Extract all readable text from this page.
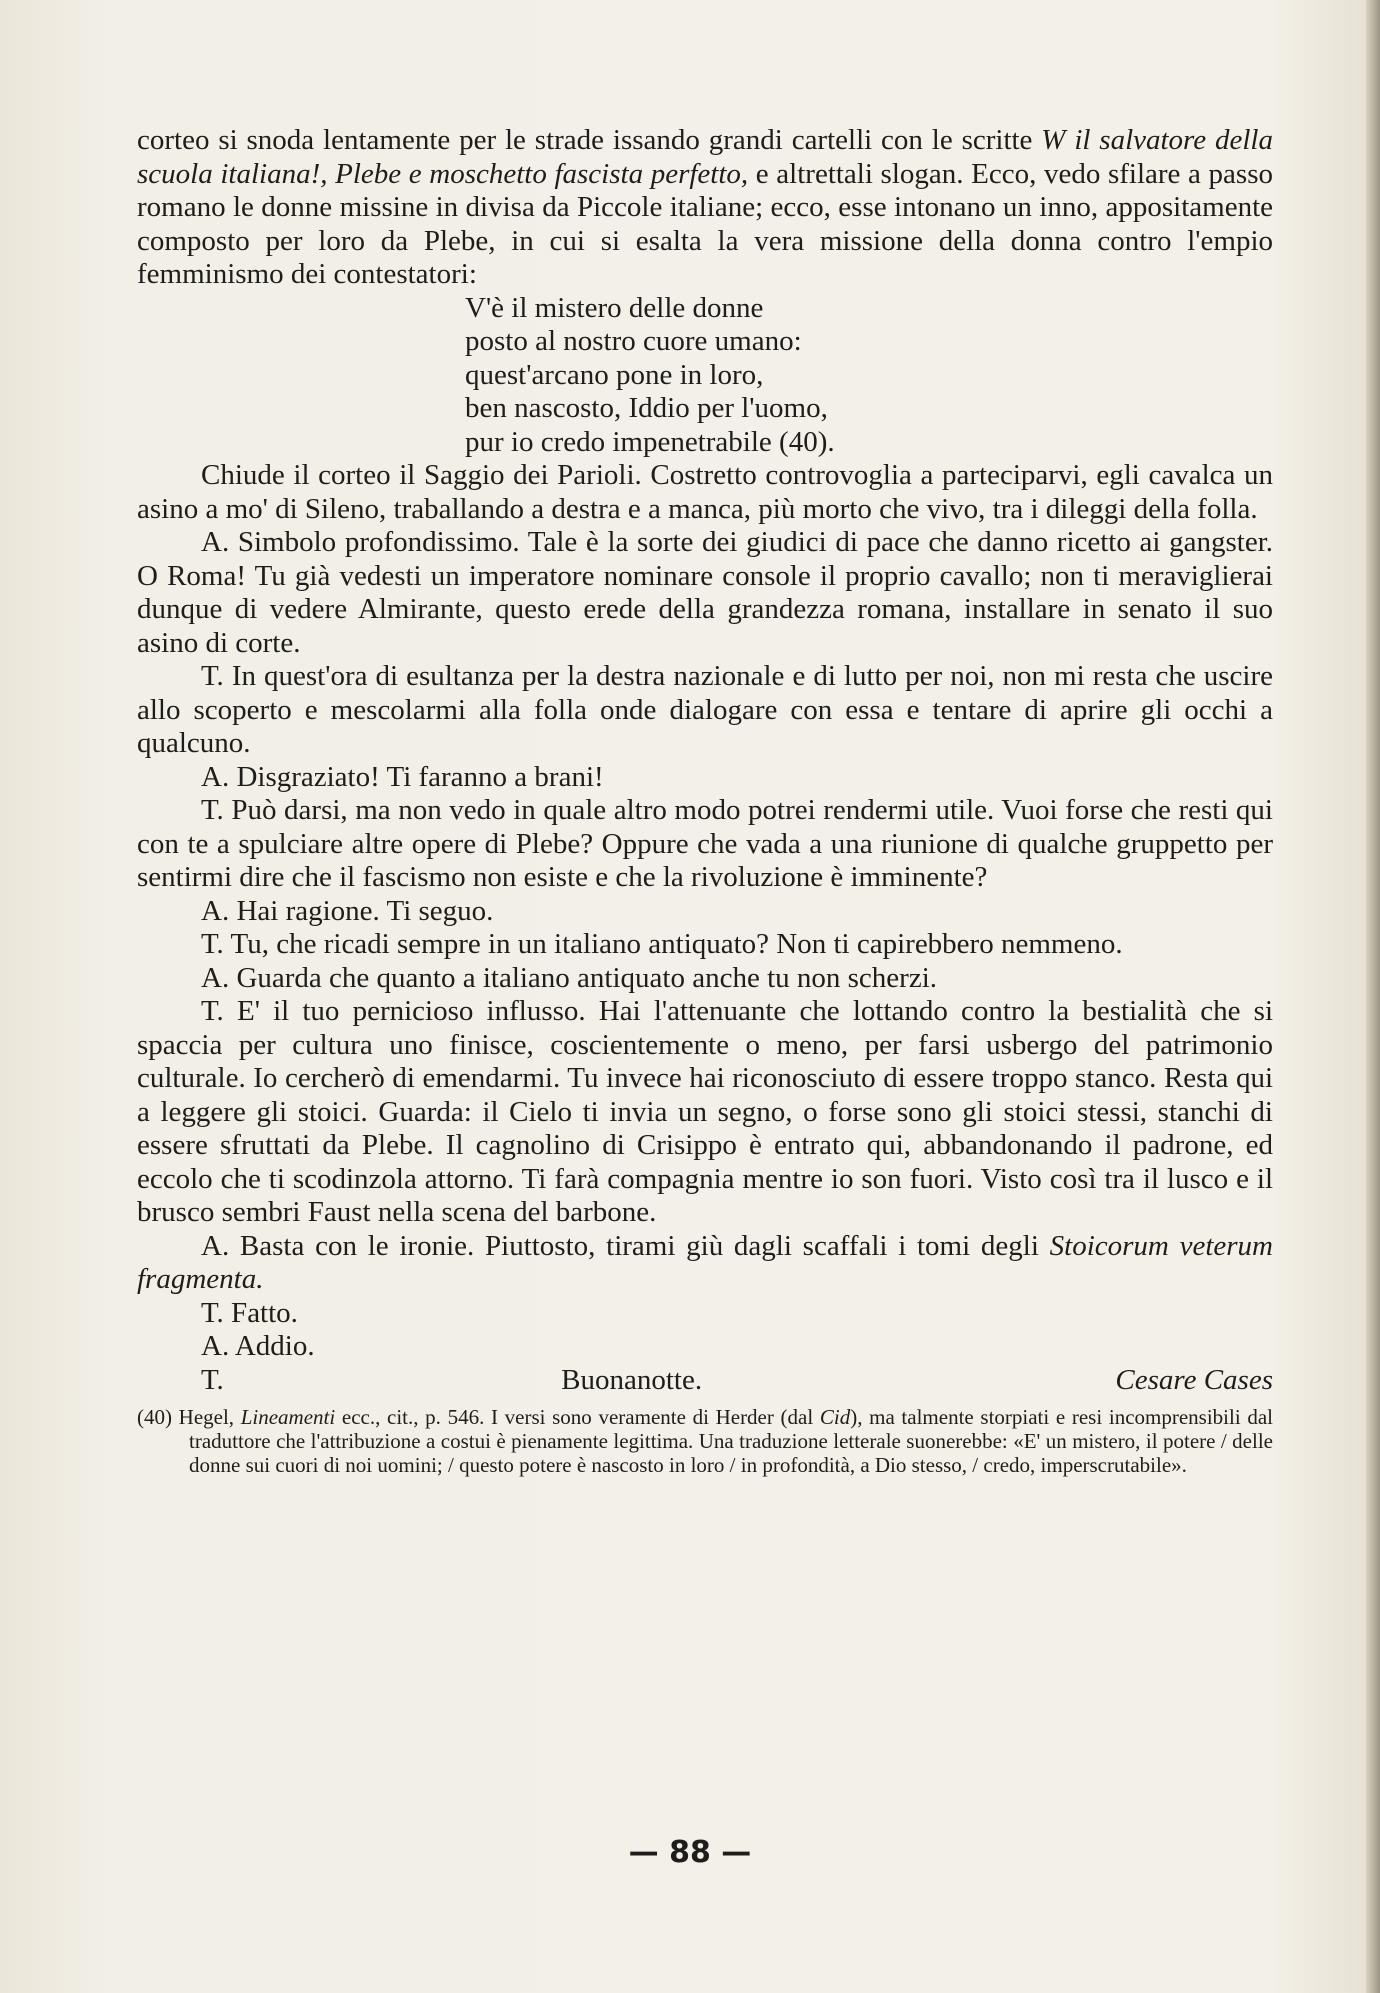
corteo si snoda lentamente per le strade issando grandi cartelli con le scritte W il salvatore della scuola italiana!, Plebe e moschetto fascista perfetto, e altrettali slogan. Ecco, vedo sfilare a passo romano le donne missine in divisa da Piccole italiane; ecco, esse intonano un inno, appositamente composto per loro da Plebe, in cui si esalta la vera missione della donna contro l'empio femminismo dei contestatori:

V'è il mistero delle donne
posto al nostro cuore umano:
quest'arcano pone in loro,
ben nascosto, Iddio per l'uomo,
pur io credo impenetrabile (40).

Chiude il corteo il Saggio dei Parioli. Costretto controvoglia a parteciparvi, egli cavalca un asino a mo' di Sileno, traballando a destra e a manca, più morto che vivo, tra i dileggi della folla.

A. Simbolo profondissimo. Tale è la sorte dei giudici di pace che danno ricetto ai gangster. O Roma! Tu già vedesti un imperatore nominare console il proprio cavallo; non ti meraviglierai dunque di vedere Almirante, questo erede della grandezza romana, installare in senato il suo asino di corte.

T. In quest'ora di esultanza per la destra nazionale e di lutto per noi, non mi resta che uscire allo scoperto e mescolarmi alla folla onde dialogare con essa e tentare di aprire gli occhi a qualcuno.

A. Disgraziato! Ti faranno a brani!

T. Può darsi, ma non vedo in quale altro modo potrei rendermi utile. Vuoi forse che resti qui con te a spulciare altre opere di Plebe? Oppure che vada a una riunione di qualche gruppetto per sentirmi dire che il fascismo non esiste e che la rivoluzione è imminente?

A. Hai ragione. Ti seguo.

T. Tu, che ricadi sempre in un italiano antiquato? Non ti capirebbero nemmeno.

A. Guarda che quanto a italiano antiquato anche tu non scherzi.

T. E' il tuo pernicioso influsso. Hai l'attenuante che lottando contro la bestialità che si spaccia per cultura uno finisce, coscientemente o meno, per farsi usbergo del patrimonio culturale. Io cercherò di emendarmi. Tu invece hai riconosciuto di essere troppo stanco. Resta qui a leggere gli stoici. Guarda: il Cielo ti invia un segno, o forse sono gli stoici stessi, stanchi di essere sfruttati da Plebe. Il cagnolino di Crisippo è entrato qui, abbandonando il padrone, ed eccolo che ti scodinzola attorno. Ti farà compagnia mentre io son fuori. Visto così tra il lusco e il brusco sembri Faust nella scena del barbone.

A. Basta con le ironie. Piuttosto, tirami giù dagli scaffali i tomi degli Stoicorum veterum fragmenta.

T. Fatto.

A. Addio.

T. Buonanotte.	Cesare Cases

(40) Hegel, Lineamenti ecc., cit., p. 546. I versi sono veramente di Herder (dal Cid), ma talmente storpiati e resi incomprensibili dal traduttore che l'attribuzione a costui è pienamente legittima. Una traduzione letterale suonerebbe: «E' un mistero, il potere / delle donne sui cuori di noi uomini; / questo potere è nascosto in loro / in profondità, a Dio stesso, / credo, imperscrutabile».

— 88 —
